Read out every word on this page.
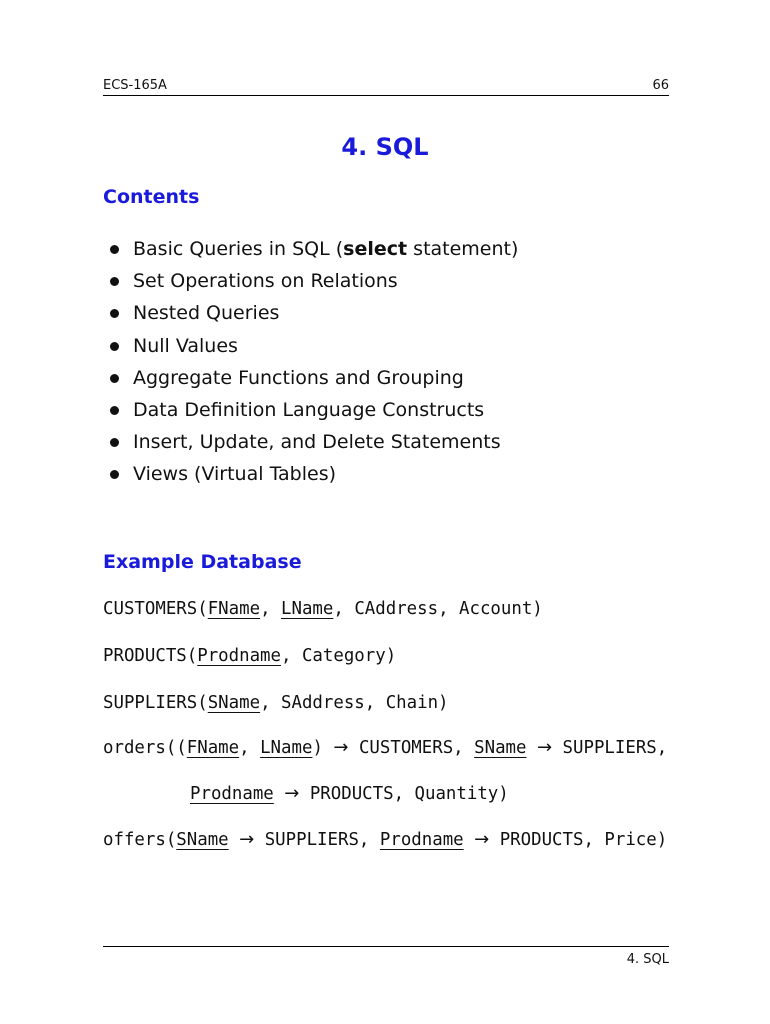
ECS-165A	66
4. SQL
Contents
Basic Queries in SQL (select statement)
Set Operations on Relations
Nested Queries
Null Values
Aggregate Functions and Grouping
Data Definition Language Constructs
Insert, Update, and Delete Statements
Views (Virtual Tables)
Example Database
CUSTOMERS(FName, LName, CAddress, Account)
PRODUCTS(Prodname, Category)
SUPPLIERS(SName, SAddress, Chain)
orders((FName, LName) → CUSTOMERS, SName → SUPPLIERS,
Prodname → PRODUCTS, Quantity)
offers(SName → SUPPLIERS, Prodname → PRODUCTS, Price)
4. SQL
